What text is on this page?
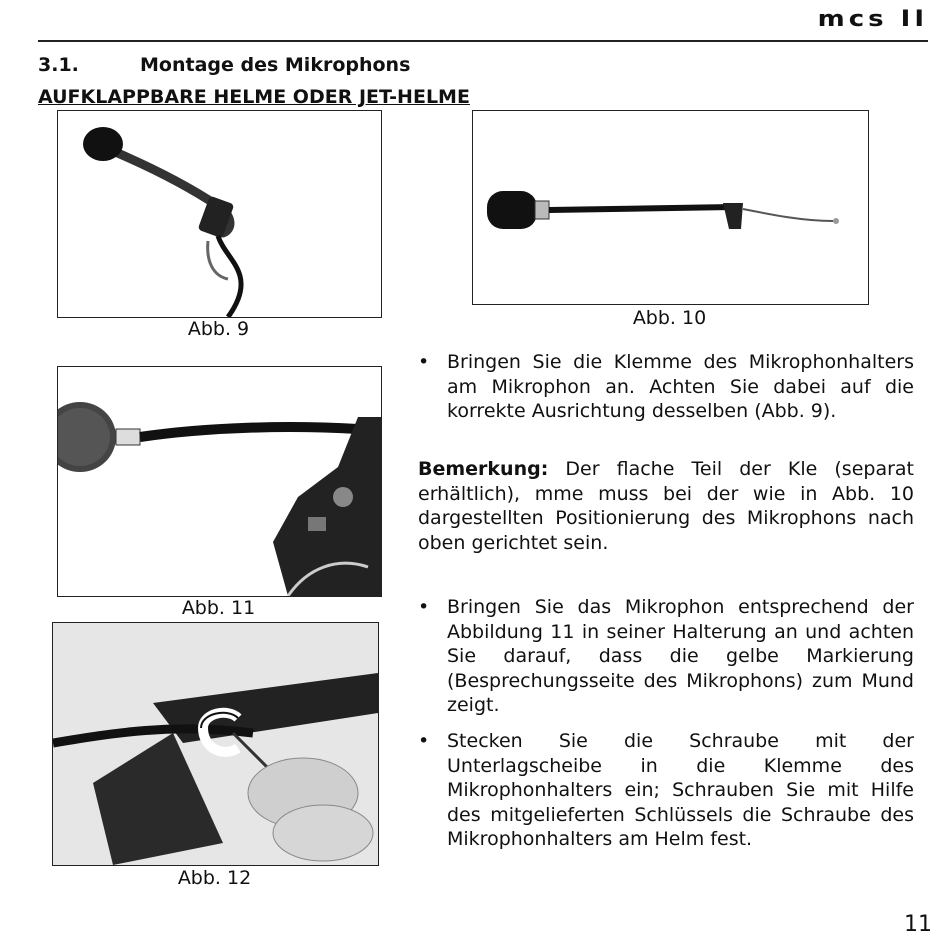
mcs II
3.1.	Montage des Mikrophons
AUFKLAPPBARE HELME ODER JET-HELME
Abb. 9	Abb. 10
Abb. 11
Abb. 12
• Bringen Sie die Klemme des Mikrophonhalters am Mikrophon an. Achten Sie dabei auf die korrekte Ausrichtung desselben (Abb. 9).
Bemerkung: Der flache Teil der Kle (separat erhältlich), mme muss bei der wie in Abb. 10 dargestellten Positionierung des Mikrophons nach oben gerichtet sein.
• Bringen Sie das Mikrophon entsprechend der Abbildung 11 in seiner Halterung an und achten Sie darauf, dass die gelbe Markierung (Besprechungsseite des Mikrophons) zum Mund zeigt.
• Stecken Sie die Schraube mit der Unterlagscheibe in die Klemme des Mikrophonhalters ein; Schrauben Sie mit Hilfe des mitgelieferten Schlüssels die Schraube des Mikrophonhalters am Helm fest.
11
